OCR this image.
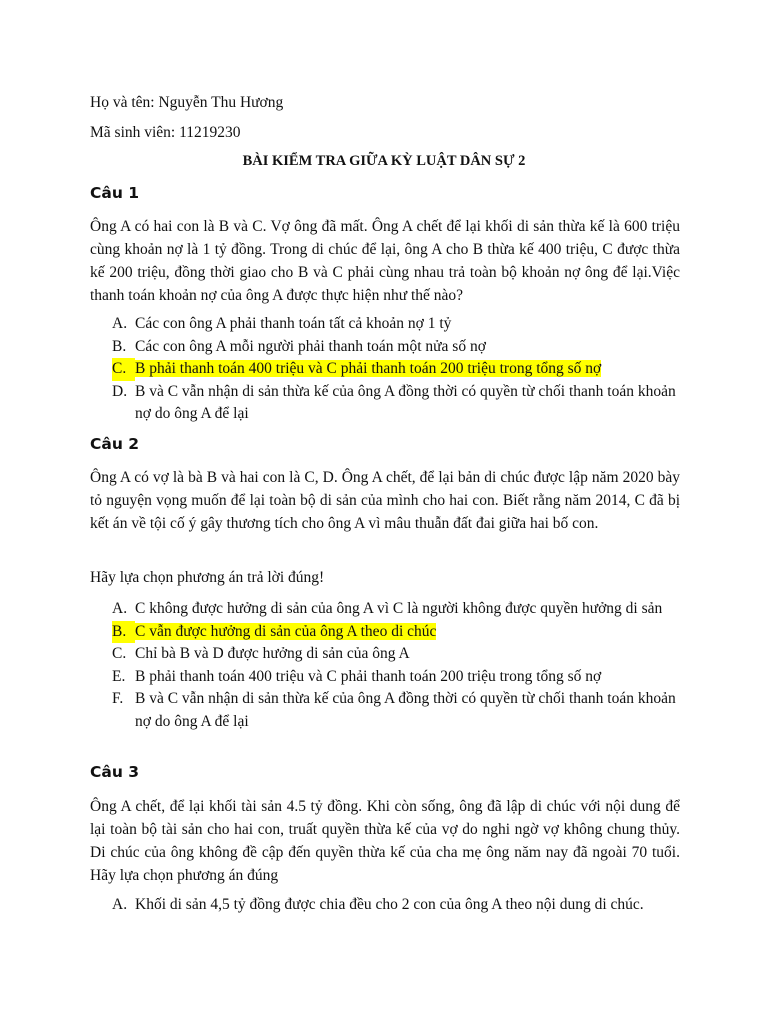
Họ và tên: Nguyễn Thu Hương

Mã sinh viên: 11219230

BÀI KIỂM TRA GIỮA KỲ LUẬT DÂN SỰ 2
Câu 1

Ông A có hai con là B và C. Vợ ông đã mất. Ông A chết để lại khối di sản thừa kế là 600 triệu cùng khoản nợ là 1 tỷ đồng. Trong di chúc để lại, ông A cho B thừa kế 400 triệu, C được thừa kế 200 triệu, đồng thời giao cho B và C phải cùng nhau trả toàn bộ khoản nợ ông để lại.Việc thanh toán khoản nợ của ông A được thực hiện như thế nào?

A. Các con ông A phải thanh toán tất cả khoản nợ 1 tỷ
B. Các con ông A mỗi người phải thanh toán một nửa số nợ
C. B phải thanh toán 400 triệu và C phải thanh toán 200 triệu trong tổng số nợ
D. B và C vẫn nhận di sản thừa kế của ông A đồng thời có quyền từ chối thanh toán khoản nợ do ông A để lại
Câu 2

Ông A có vợ là bà B và hai con là C, D. Ông A chết, để lại bản di chúc được lập năm 2020 bày tỏ nguyện vọng muốn để lại toàn bộ di sản của mình cho hai con. Biết rằng năm 2014, C đã bị kết án về tội cố ý gây thương tích cho ông A vì mâu thuẫn đất đai giữa hai bố con.

Hãy lựa chọn phương án trả lời đúng!

A. C không được hưởng di sản của ông A vì C là người không được quyền hưởng di sản
B. C vẫn được hưởng di sản của ông A theo di chúc
C. Chỉ bà B và D được hưởng di sản của ông A
E. B phải thanh toán 400 triệu và C phải thanh toán 200 triệu trong tổng số nợ
F. B và C vẫn nhận di sản thừa kế của ông A đồng thời có quyền từ chối thanh toán khoản nợ do ông A để lại
Câu 3

Ông A chết, để lại khối tài sản 4.5 tỷ đồng. Khi còn sống, ông đã lập di chúc với nội dung để lại toàn bộ tài sản cho hai con, truất quyền thừa kế của vợ do nghi ngờ vợ không chung thủy. Di chúc của ông không đề cập đến quyền thừa kế của cha mẹ ông năm nay đã ngoài 70 tuổi. Hãy lựa chọn phương án đúng

A. Khối di sản 4,5 tỷ đồng được chia đều cho 2 con của ông A theo nội dung di chúc.
